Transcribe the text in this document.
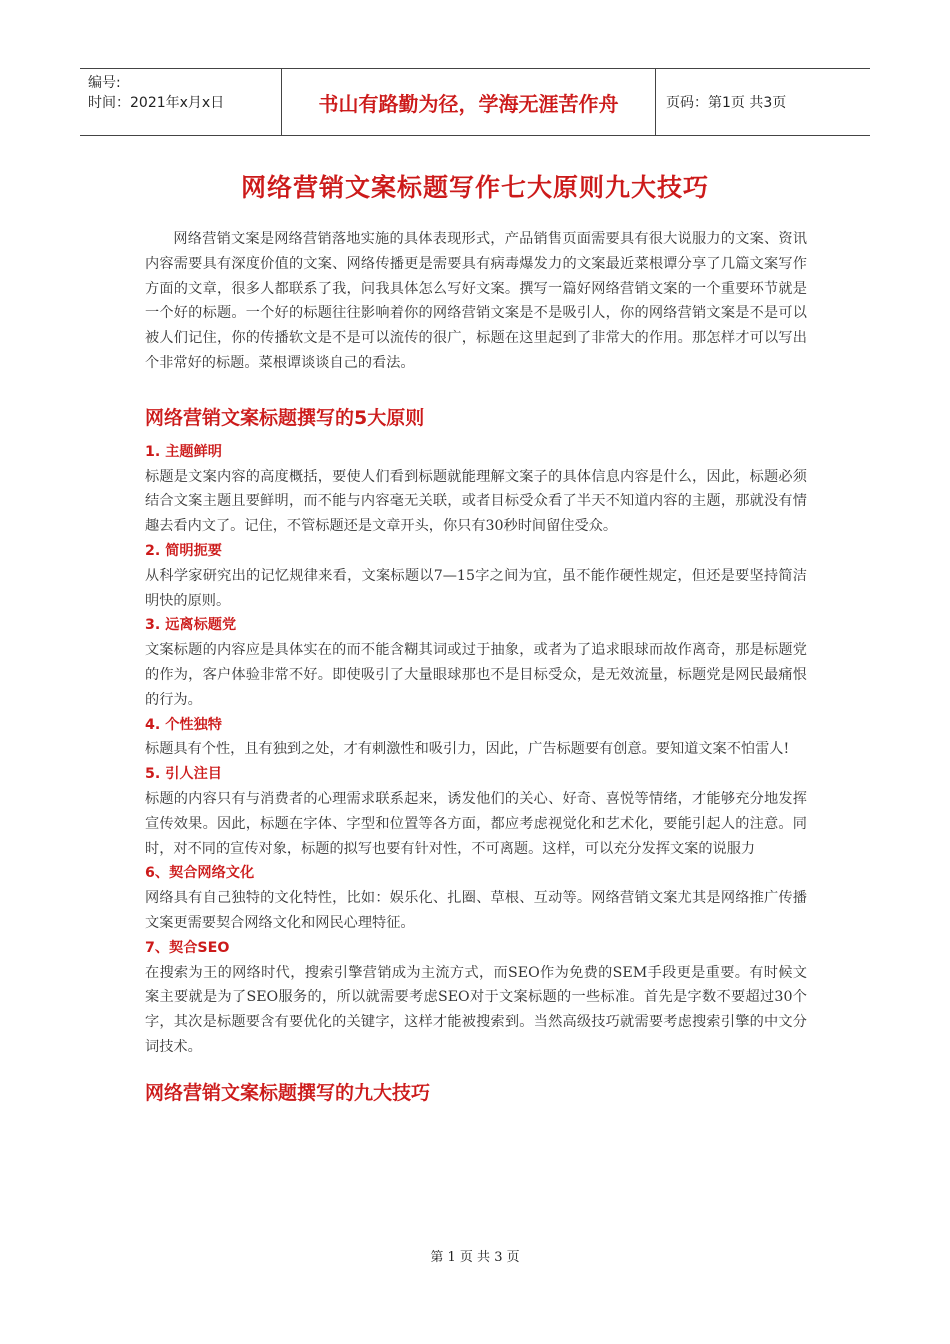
编号:
时间：2021年x月x日	书山有路勤为径，学海无涯苦作舟	页码：第1页 共3页
网络营销文案标题写作七大原则九大技巧

网络营销文案是网络营销落地实施的具体表现形式，产品销售页面需要具有很大说服力的文案、资讯内容需要具有深度价值的文案、网络传播更是需要具有病毒爆发力的文案最近菜根谭分享了几篇文案写作方面的文章，很多人都联系了我，问我具体怎么写好文案。撰写一篇好网络营销文案的一个重要环节就是一个好的标题。一个好的标题往往影响着你的网络营销文案是不是吸引人，你的网络营销文案是不是可以被人们记住，你的传播软文是不是可以流传的很广，标题在这里起到了非常大的作用。那怎样才可以写出个非常好的标题。菜根谭谈谈自己的看法。

网络营销文案标题撰写的5大原则
1. 主题鲜明
标题是文案内容的高度概括，要使人们看到标题就能理解文案子的具体信息内容是什么，因此，标题必须结合文案主题且要鲜明，而不能与内容毫无关联，或者目标受众看了半天不知道内容的主题，那就没有情趣去看内文了。记住，不管标题还是文章开头，你只有30秒时间留住受众。
2. 简明扼要
从科学家研究出的记忆规律来看，文案标题以7—15字之间为宜，虽不能作硬性规定，但还是要坚持简洁明快的原则。
3. 远离标题党
文案标题的内容应是具体实在的而不能含糊其词或过于抽象，或者为了追求眼球而故作离奇，那是标题党的作为，客户体验非常不好。即使吸引了大量眼球那也不是目标受众，是无效流量，标题党是网民最痛恨的行为。
4. 个性独特
标题具有个性，且有独到之处，才有刺激性和吸引力，因此，广告标题要有创意。要知道文案不怕雷人!
5. 引人注目
标题的内容只有与消费者的心理需求联系起来，诱发他们的关心、好奇、喜悦等情绪，才能够充分地发挥宣传效果。因此，标题在字体、字型和位置等各方面，都应考虑视觉化和艺术化，要能引起人的注意。同时，对不同的宣传对象，标题的拟写也要有针对性，不可离题。这样，可以充分发挥文案的说服力
6、契合网络文化
网络具有自己独特的文化特性，比如：娱乐化、扎圈、草根、互动等。网络营销文案尤其是网络推广传播文案更需要契合网络文化和网民心理特征。
7、契合SEO
在搜索为王的网络时代，搜索引擎营销成为主流方式，而SEO作为免费的SEM手段更是重要。有时候文案主要就是为了SEO服务的，所以就需要考虑SEO对于文案标题的一些标准。首先是字数不要超过30个字，其次是标题要含有要优化的关键字，这样才能被搜索到。当然高级技巧就需要考虑搜索引擎的中文分词技术。
网络营销文案标题撰写的九大技巧
第 1 页 共 3 页
